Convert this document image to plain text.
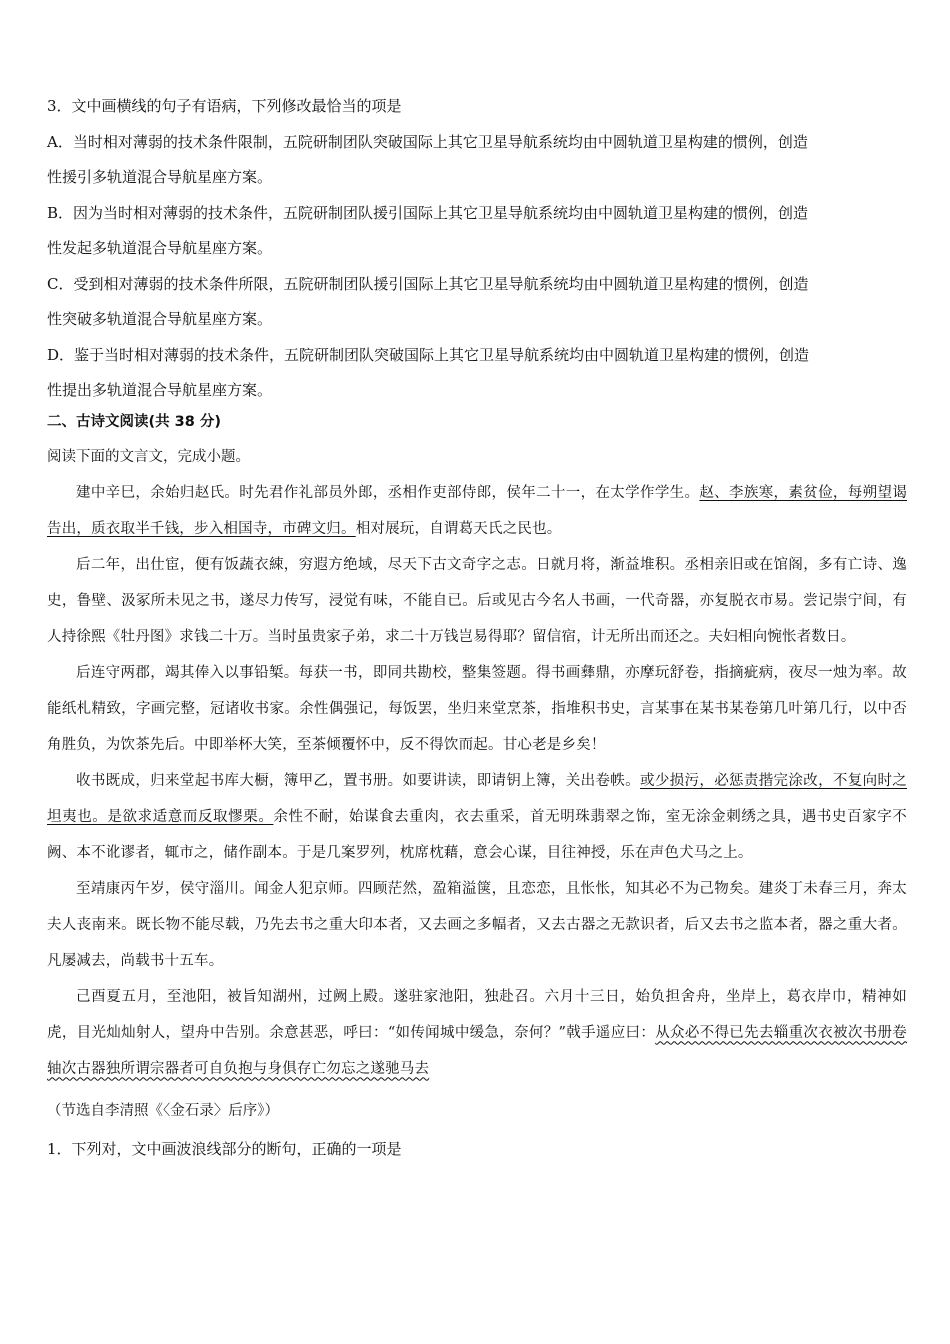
3．文中画横线的句子有语病，下列修改最恰当的项是

A．当时相对薄弱的技术条件限制，五院研制团队突破国际上其它卫星导航系统均由中圆轨道卫星构建的惯例，创造

性援引多轨道混合导航星座方案。

B．因为当时相对薄弱的技术条件，五院研制团队援引国际上其它卫星导航系统均由中圆轨道卫星构建的惯例，创造

性发起多轨道混合导航星座方案。

C．受到相对薄弱的技术条件所限，五院研制团队援引国际上其它卫星导航系统均由中圆轨道卫星构建的惯例，创造

性突破多轨道混合导航星座方案。

D．鉴于当时相对薄弱的技术条件，五院研制团队突破国际上其它卫星导航系统均由中圆轨道卫星构建的惯例，创造

性提出多轨道混合导航星座方案。

二、古诗文阅读(共 38 分)

阅读下面的文言文，完成小题。

建中辛巳，余始归赵氏。时先君作礼部员外郎，丞相作吏部侍郎，侯年二十一，在太学作学生。赵、李族寒，素贫俭，每朔望谒告出，质衣取半千钱，步入相国寺，市碑文归。相对展玩，自谓葛天氏之民也。

后二年，出仕宦，便有饭蔬衣綀，穷遐方绝域，尽天下古文奇字之志。日就月将，渐益堆积。丞相亲旧或在馆阁，多有亡诗、逸史，鲁壁、汲冢所未见之书，遂尽力传写，浸觉有味，不能自已。后或见古今名人书画，一代奇器，亦复脱衣市易。尝记崇宁间，有人持徐熙《牡丹图》求钱二十万。当时虽贵家子弟，求二十万钱岂易得耶？留信宿，计无所出而还之。夫妇相向惋怅者数日。

后连守两郡，竭其俸入以事铅椠。每获一书，即同共勘校，整集签题。得书画彝鼎，亦摩玩舒卷，指摘疵病，夜尽一烛为率。故能纸札精致，字画完整，冠诸收书家。余性偶强记，每饭罢，坐归来堂烹茶，指堆积书史，言某事在某书某卷第几叶第几行，以中否角胜负，为饮茶先后。中即举杯大笑，至茶倾覆怀中，反不得饮而起。甘心老是乡矣！

收书既成，归来堂起书库大橱，簿甲乙，置书册。如要讲读，即请钥上簿，关出卷帙。或少损污，必惩责揩完涂改，不复向时之坦夷也。是欲求适意而反取憀栗。余性不耐，始谋食去重肉，衣去重采，首无明珠翡翠之饰，室无涂金刺绣之具，遇书史百家字不阙、本不讹谬者，辄市之，储作副本。于是几案罗列，枕席枕藉，意会心谋，目往神授，乐在声色犬马之上。

至靖康丙午岁，侯守淄川。闻金人犯京师。四顾茫然，盈箱溢箧，且恋恋，且怅怅，知其必不为己物矣。建炎丁未春三月，奔太夫人丧南来。既长物不能尽载，乃先去书之重大印本者，又去画之多幅者，又去古器之无款识者，后又去书之监本者，器之重大者。凡屡减去，尚载书十五车。

己酉夏五月，至池阳，被旨知湖州，过阙上殿。遂驻家池阳，独赴召。六月十三日，始负担舍舟，坐岸上，葛衣岸巾，精神如虎，目光灿灿射人，望舟中告别。余意甚恶，呼曰：“如传闻城中缓急，奈何？”戟手遥应曰：从众必不得已先去辎重次衣被次书册卷轴次古器独所谓宗器者可自负抱与身俱存亡勿忘之遂驰马去

（节选自李清照《〈金石录〉后序》）

1．下列对，文中画波浪线部分的断句，正确的一项是
